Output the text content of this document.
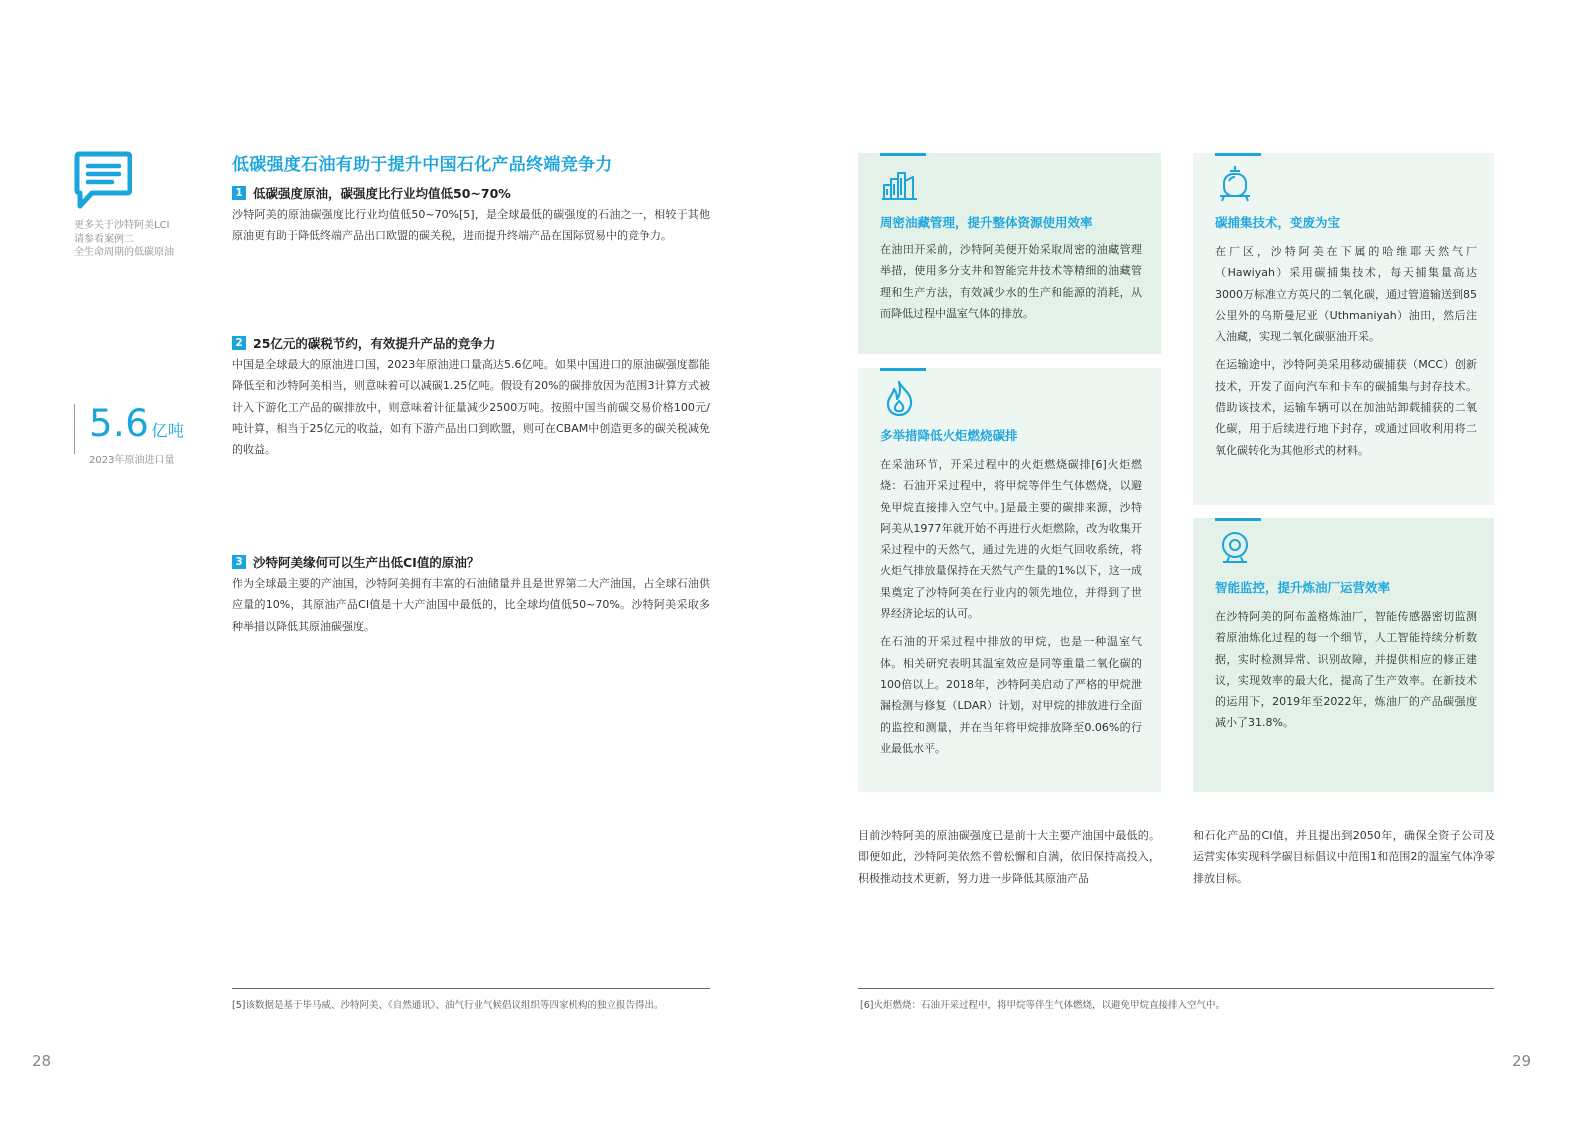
更多关于沙特阿美LCI
请参看案例二
全生命周期的低碳原油
5.6 亿吨
2023年原油进口量
低碳强度石油有助于提升中国石化产品终端竞争力
1 低碳强度原油，碳强度比行业均值低50~70%
沙特阿美的原油碳强度比行业均值低50~70%[5]，是全球最低的碳强度的石油之一，相较于其他原油更有助于降低终端产品出口欧盟的碳关税，进而提升终端产品在国际贸易中的竞争力。
2 25亿元的碳税节约，有效提升产品的竞争力
中国是全球最大的原油进口国，2023年原油进口量高达5.6亿吨。如果中国进口的原油碳强度都能降低至和沙特阿美相当，则意味着可以减碳1.25亿吨。假设有20%的碳排放因为范围3计算方式被计入下游化工产品的碳排放中，则意味着计征量减少2500万吨。按照中国当前碳交易价格100元/吨计算，相当于25亿元的收益，如有下游产品出口到欧盟，则可在CBAM中创造更多的碳关税减免的收益。
3 沙特阿美缘何可以生产出低CI值的原油？
作为全球最主要的产油国，沙特阿美拥有丰富的石油储量并且是世界第二大产油国，占全球石油供应量的10%，其原油产品CI值是十大产油国中最低的，比全球均值低50~70%。沙特阿美采取多种举措以降低其原油碳强度。
[5]该数据是基于毕马威、沙特阿美、《自然通讯》、油气行业气候倡议组织等四家机构的独立报告得出。
28
周密油藏管理，提升整体资源使用效率

在油田开采前，沙特阿美便开始采取周密的油藏管理举措，使用多分支井和智能完井技术等精细的油藏管理和生产方法，有效减少水的生产和能源的消耗，从而降低过程中温室气体的排放。

多举措降低火炬燃烧碳排

在采油环节，开采过程中的火炬燃烧碳排[6]火炬燃烧：石油开采过程中，将甲烷等伴生气体燃烧，以避免甲烷直接排入空气中。]是最主要的碳排来源，沙特阿美从1977年就开始不再进行火炬燃除，改为收集开采过程中的天然气，通过先进的火炬气回收系统，将火炬气排放量保持在天然气产生量的1%以下，这一成果奠定了沙特阿美在行业内的领先地位，并得到了世界经济论坛的认可。

在石油的开采过程中排放的甲烷，也是一种温室气体。相关研究表明其温室效应是同等重量二氧化碳的100倍以上。2018年，沙特阿美启动了严格的甲烷泄漏检测与修复（LDAR）计划，对甲烷的排放进行全面的监控和测量，并在当年将甲烷排放降至0.06%的行业最低水平。

碳捕集技术，变废为宝

在厂区，沙特阿美在下属的哈维耶天然气厂（Hawiyah）采用碳捕集技术，每天捕集量高达3000万标准立方英尺的二氧化碳，通过管道输送到85公里外的乌斯曼尼亚（Uthmaniyah）油田，然后注入油藏，实现二氧化碳驱油开采。

在运输途中，沙特阿美采用移动碳捕获（MCC）创新技术，开发了面向汽车和卡车的碳捕集与封存技术。借助该技术，运输车辆可以在加油站卸载捕获的二氧化碳，用于后续进行地下封存，或通过回收利用将二氧化碳转化为其他形式的材料。

智能监控，提升炼油厂运营效率

在沙特阿美的阿布盖格炼油厂，智能传感器密切监测着原油炼化过程的每一个细节，人工智能持续分析数据，实时检测异常、识别故障，并提供相应的修正建议，实现效率的最大化，提高了生产效率。在新技术的运用下，2019年至2022年，炼油厂的产品碳强度减小了31.8%。

目前沙特阿美的原油碳强度已是前十大主要产油国中最低的。即便如此，沙特阿美依然不曾松懈和自满，依旧保持高投入，积极推动技术更新，努力进一步降低其原油产品
和石化产品的CI值，并且提出到2050年，确保全资子公司及运营实体实现科学碳目标倡议中范围1和范围2的温室气体净零排放目标。
[6]火炬燃烧：石油开采过程中，将甲烷等伴生气体燃烧，以避免甲烷直接排入空气中。
29
